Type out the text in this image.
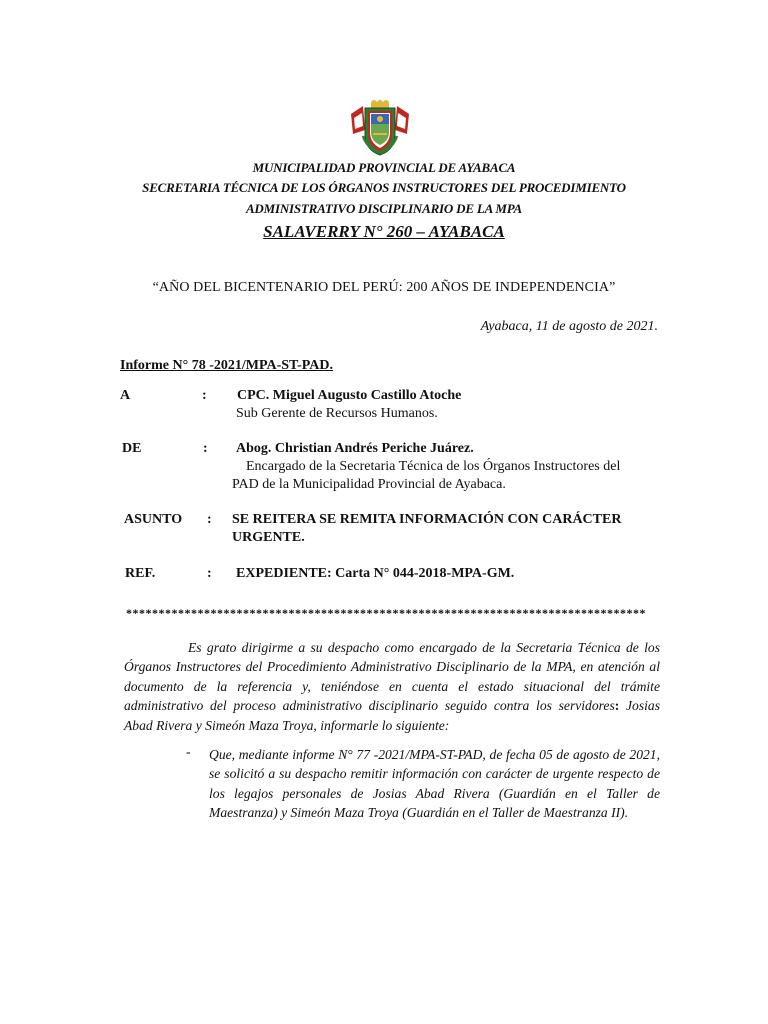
MUNICIPALIDAD PROVINCIAL DE AYABACA
SECRETARIA TÉCNICA DE LOS ÓRGANOS INSTRUCTORES DEL PROCEDIMIENTO
ADMINISTRATIVO DISCIPLINARIO DE LA MPA
SALAVERRY N° 260 – AYABACA
“AÑO DEL BICENTENARIO DEL PERÚ: 200 AÑOS DE INDEPENDENCIA”
Ayabaca, 11 de agosto de 2021.
Informe N° 78 -2021/MPA-ST-PAD.
A	: CPC. Miguel Augusto Castillo Atoche
Sub Gerente de Recursos Humanos.
DE	: Abog. Christian Andrés Periche Juárez.
Encargado de la Secretaria Técnica de los Órganos Instructores del
PAD de la Municipalidad Provincial de Ayabaca.
ASUNTO : SE REITERA SE REMITA INFORMACIÓN CON CARÁCTER
URGENTE.
REF.	: EXPEDIENTE: Carta N° 044-2018-MPA-GM.
********************************************************************************
Es grato dirigirme a su despacho como encargado de la Secretaria Técnica de los Órganos Instructores del Procedimiento Administrativo Disciplinario de la MPA, en atención al documento de la referencia y, teniéndose en cuenta el estado situacional del trámite administrativo del proceso administrativo disciplinario seguido contra los servidores: Josias Abad Rivera y Simeón Maza Troya, informarle lo siguiente:
- Que, mediante informe N° 77 -2021/MPA-ST-PAD, de fecha 05 de agosto de 2021, se solicitó a su despacho remitir información con carácter de urgente respecto de los legajos personales de Josias Abad Rivera (Guardián en el Taller de Maestranza) y Simeón Maza Troya (Guardián en el Taller de Maestranza II).
